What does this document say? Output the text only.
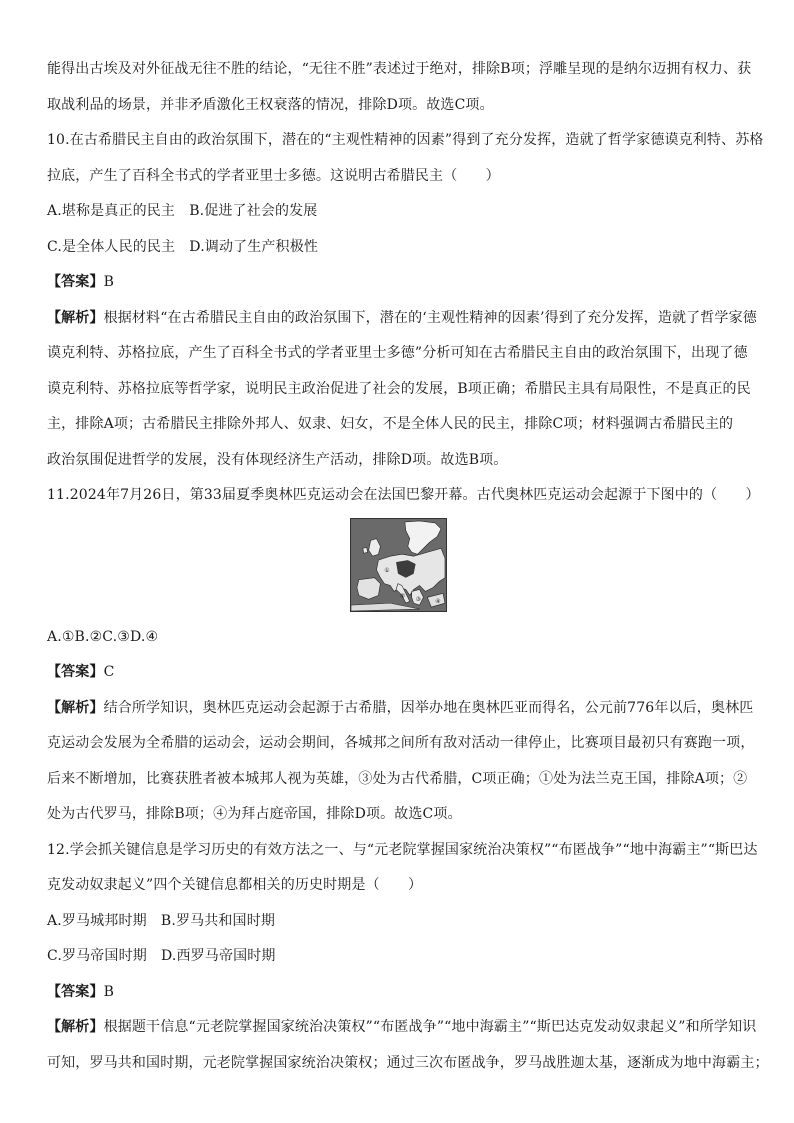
能得出古埃及对外征战无往不胜的结论，“无往不胜”表述过于绝对，排除B项；浮雕呈现的是纳尔迈拥有权力、获
取战利品的场景，并非矛盾激化王权衰落的情况，排除D项。故选C项。
10.在古希腊民主自由的政治氛围下，潜在的“主观性精神的因素”得到了充分发挥，造就了哲学家德谟克利特、苏格
拉底，产生了百科全书式的学者亚里士多德。这说明古希腊民主（　　）
A.堪称是真正的民主　B.促进了社会的发展
C.是全体人民的民主　D.调动了生产积极性
【答案】B
【解析】根据材料“在古希腊民主自由的政治氛围下，潜在的‘主观性精神的因素’得到了充分发挥，造就了哲学家德
谟克利特、苏格拉底，产生了百科全书式的学者亚里士多德”分析可知在古希腊民主自由的政治氛围下，出现了德
谟克利特、苏格拉底等哲学家，说明民主政治促进了社会的发展，B项正确；希腊民主具有局限性，不是真正的民
主，排除A项；古希腊民主排除外邦人、奴隶、妇女，不是全体人民的民主，排除C项；材料强调古希腊民主的
政治氛围促进哲学的发展，没有体现经济生产活动，排除D项。故选B项。
11.2024年7月26日，第33届夏季奥林匹克运动会在法国巴黎开幕。古代奥林匹克运动会起源于下图中的（　　）
①
②
③ ④
A.①B.②C.③D.④
【答案】C
【解析】结合所学知识，奥林匹克运动会起源于古希腊，因举办地在奥林匹亚而得名，公元前776年以后，奥林匹
克运动会发展为全希腊的运动会，运动会期间，各城邦之间所有敌对活动一律停止，比赛项目最初只有赛跑一项，
后来不断增加，比赛获胜者被本城邦人视为英雄，③处为古代希腊，C项正确；①处为法兰克王国，排除A项；②
处为古代罗马，排除B项；④为拜占庭帝国，排除D项。故选C项。
12.学会抓关键信息是学习历史的有效方法之一、与“元老院掌握国家统治决策权”“布匿战争”“地中海霸主”“斯巴达
克发动奴隶起义”四个关键信息都相关的历史时期是（　　）
A.罗马城邦时期　B.罗马共和国时期
C.罗马帝国时期　D.西罗马帝国时期
【答案】B
【解析】根据题干信息“元老院掌握国家统治决策权”“布匿战争”“地中海霸主”“斯巴达克发动奴隶起义”和所学知识
可知，罗马共和国时期，元老院掌握国家统治决策权；通过三次布匿战争，罗马战胜迦太基，逐渐成为地中海霸主；
